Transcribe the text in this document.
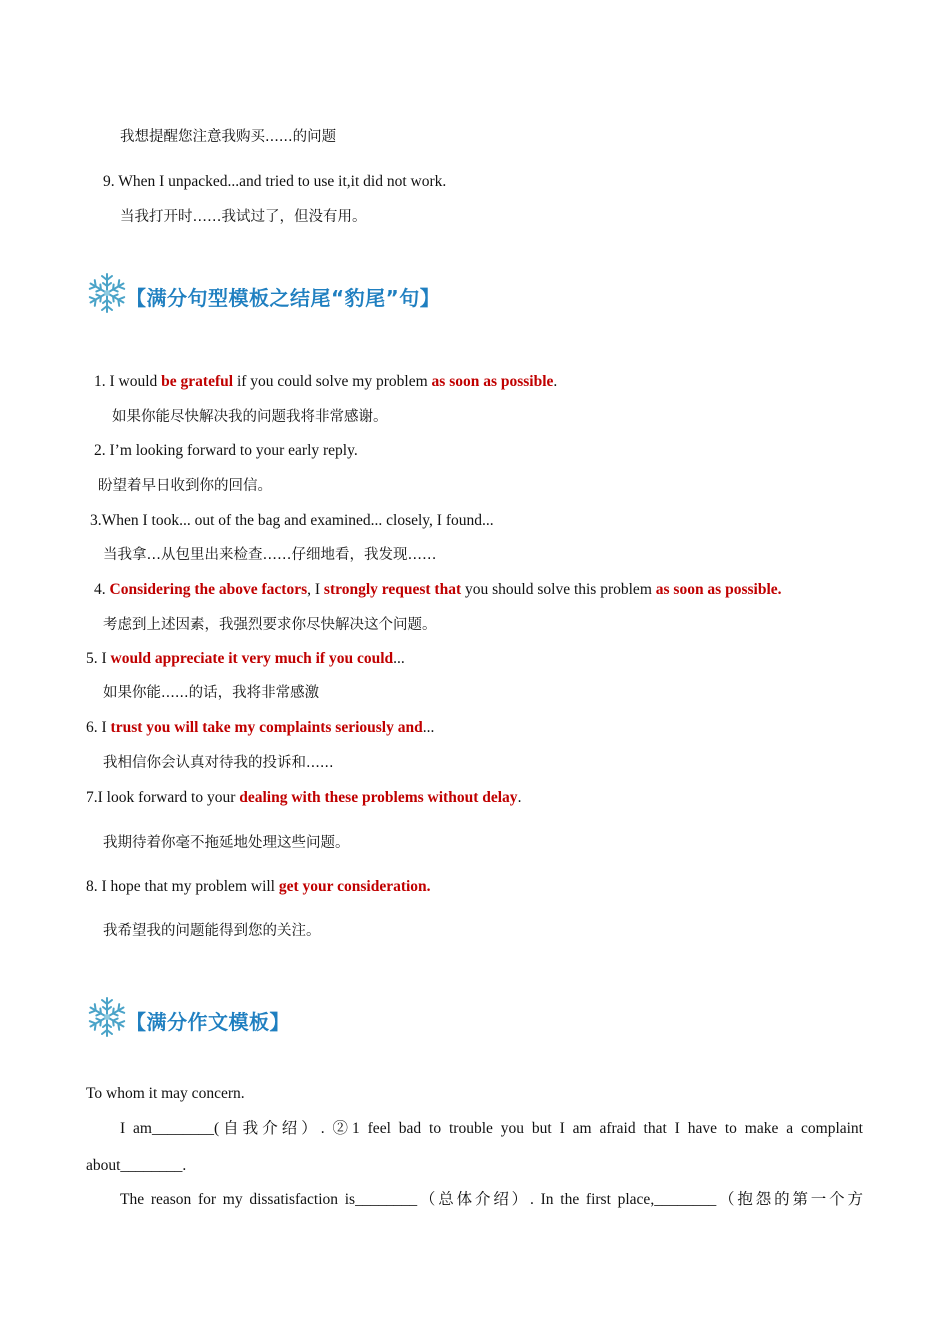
我想提醒您注意我购买......的问题
9. When I unpacked...and tried to use it,it did not work.
当我打开时……我试过了，但没有用。
【满分句型模板之结尾“豹尾”句】
1. I would be grateful if you could solve my problem as soon as possible.
如果你能尽快解决我的问题我将非常感谢。
2. I’m looking forward to your early reply.
盼望着早日收到你的回信。
3.When I took... out of the bag and examined... closely, I found...
当我拿…从包里出来检查……仔细地看，我发现……
4. Considering the above factors, I strongly request that you should solve this problem as soon as possible.
考虑到上述因素，我强烈要求你尽快解决这个问题。
5. I would appreciate it very much if you could...
如果你能......的话，我将非常感激
6. I trust you will take my complaints seriously and...
我相信你会认真对待我的投诉和......
7.I look forward to your dealing with these problems without delay.
我期待着你毫不拖延地处理这些问题。
8. I hope that my problem will get your consideration.
我希望我的问题能得到您的关注。
【满分作文模板】
To whom it may concern.
I am________(自我介绍）. ②1 feel bad to trouble you but I am afraid that I have to make a complaint
about________.
The reason for my dissatisfaction is________（总体介绍）. In the first place,________（抱怨的第一个方
